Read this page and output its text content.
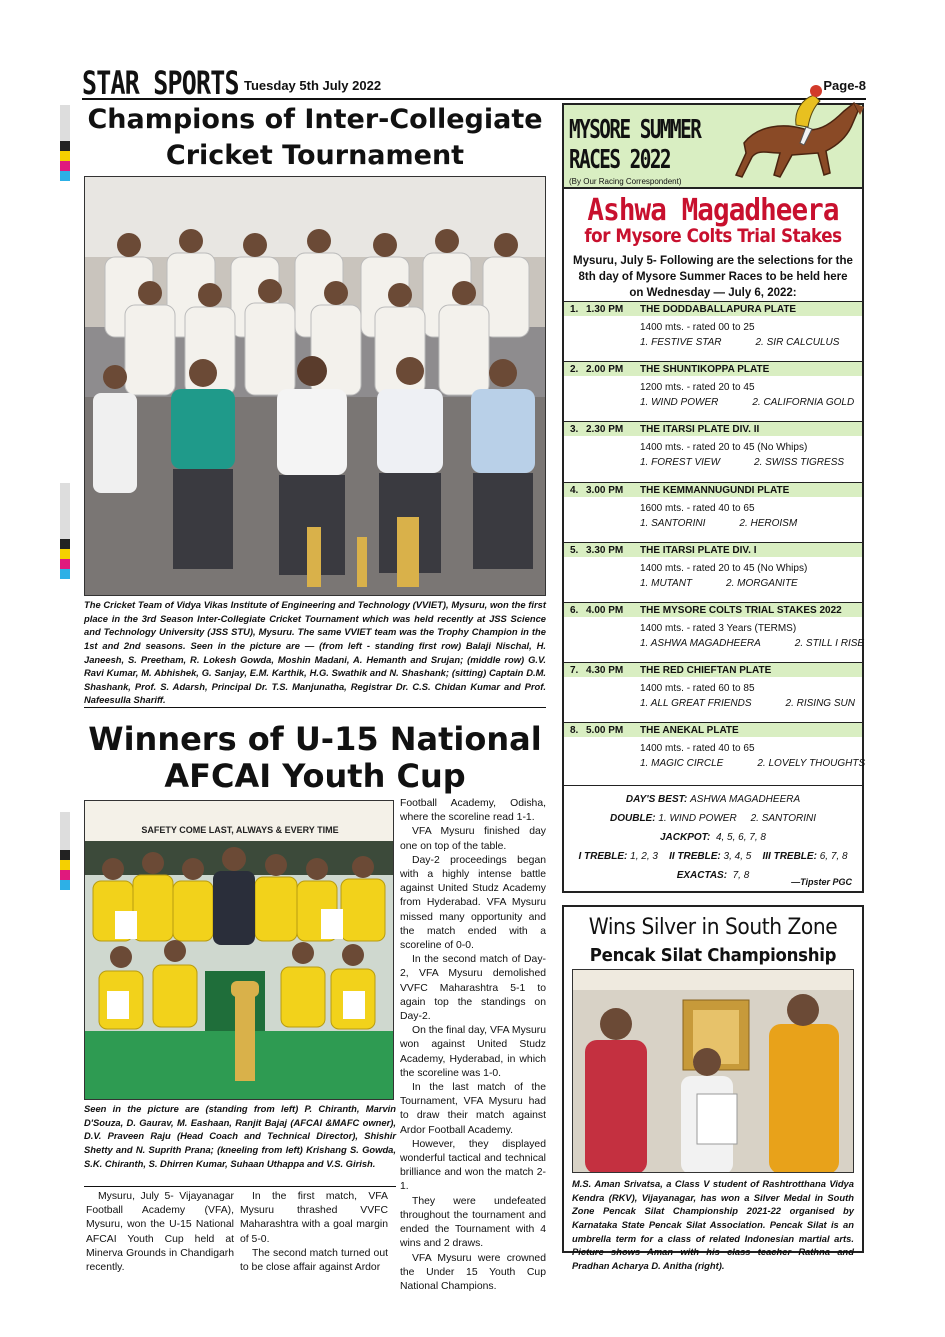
STAR SPORTS Tuesday 5th July 2022	Page-8
Champions of Inter-Collegiate
Cricket Tournament
The Cricket Team of Vidya Vikas Institute of Engineering and Technology (VVIET), Mysuru, won the first place in the 3rd Season Inter-Collegiate Cricket Tournament which was held recently at JSS Science and Technology University (JSS STU), Mysuru. The same VVIET team was the Trophy Champion in the 1st and 2nd seasons. Seen in the picture are — (from left - standing first row) Balaji Nischal, H. Janeesh, S. Preetham, R. Lokesh Gowda, Moshin Madani, A. Hemanth and Srujan; (middle row) G.V. Ravi Kumar, M. Abhishek, G. Sanjay, E.M. Karthik, H.G. Swathik and N. Shashank; (sitting) Captain D.M. Shashank, Prof. S. Adarsh, Principal Dr. T.S. Manjunatha, Registrar Dr. C.S. Chidan Kumar and Prof. Nafeesulla Shariff.
Winners of U-15 National
AFCAI Youth Cup
SAFETY COME LAST, ALWAYS & EVERY TIME
Seen in the picture are (standing from left) P. Chiranth, Marvin D'Souza, D. Gaurav, M. Eashaan, Ranjit Bajaj (AFCAI &MAFC owner), D.V. Praveen Raju (Head Coach and Technical Director), Shishir Shetty and N. Suprith Prana; (kneeling from left) Krishang S. Gowda, S.K. Chiranth, S. Dhirren Kumar, Suhaan Uthappa and V.S. Girish.

Mysuru, July 5- Vijayanagar Football Academy (VFA), Mysuru, won the U-15 National AFCAI Youth Cup held at Minerva Grounds in Chandigarh recently.

In the first match, VFA Mysuru thrashed VVFC Maharashtra with a goal margin of 5-0.

The second match turned out to be close affair against Ardor

Football Academy, Odisha, where the scoreline read 1-1.

VFA Mysuru finished day one on top of the table.

Day-2 proceedings began with a highly intense battle against United Studz Academy from Hyderabad. VFA Mysuru missed many opportunity and the match ended with a scoreline of 0-0.

In the second match of Day-2, VFA Mysuru demolished VVFC Maharashtra 5-1 to again top the standings on Day-2.

On the final day, VFA Mysuru won against United Studz Academy, Hyderabad, in which the scoreline was 1-0.

In the last match of the Tournament, VFA Mysuru had to draw their match against Ardor Football Academy.

However, they displayed wonderful tactical and technical brilliance and won the match 2-1.

They were undefeated throughout the tournament and ended the Tournament with 4 wins and 2 draws.

VFA Mysuru were crowned the Under 15 Youth Cup National Champions.

MYSORE SUMMER
RACES 2022
(By Our Racing Correspondent)
Ashwa Magadheera
for Mysore Colts Trial Stakes
Mysuru, July 5- Following are the selections for the 8th day of Mysore Summer Races to be held here on Wednesday — July 6, 2022:
1. 1.30 PM THE DODDABALLAPURA PLATE
1400 mts. - rated 00 to 25
1. FESTIVE STAR	2. SIR CALCULUS
2. 2.00 PM THE SHUNTIKOPPA PLATE
1200 mts. - rated 20 to 45
1. WIND POWER	2. CALIFORNIA GOLD
3. 2.30 PM THE ITARSI PLATE DIV. II
1400 mts. - rated 20 to 45 (No Whips)
1. FOREST VIEW	2. SWISS TIGRESS
4. 3.00 PM THE KEMMANNUGUNDI PLATE
1600 mts. - rated 40 to 65
1. SANTORINI	2. HEROISM
5. 3.30 PM THE ITARSI PLATE DIV. I
1400 mts. - rated 20 to 45 (No Whips)
1. MUTANT	2. MORGANITE
6. 4.00 PM THE MYSORE COLTS TRIAL STAKES 2022
1400 mts. - rated 3 Years (TERMS)
1. ASHWA MAGADHEERA	2. STILL I RISE
7. 4.30 PM THE RED CHIEFTAN PLATE
1400 mts. - rated 60 to 85
1. ALL GREAT FRIENDS	2. RISING SUN
8. 5.00 PM THE ANEKAL PLATE
1400 mts. - rated 40 to 65
1. MAGIC CIRCLE	2. LOVELY THOUGHTS
DAY'S BEST: ASHWA MAGADHEERA
DOUBLE: 1. WIND POWER 2. SANTORINI
JACKPOT: 4, 5, 6, 7, 8
I TREBLE: 1, 2, 3 II TREBLE: 3, 4, 5 III TREBLE: 6, 7, 8
EXACTAS: 7, 8
—Tipster PGC
Wins Silver in South Zone
Pencak Silat Championship
M.S. Aman Srivatsa, a Class V student of Rashtrotthana Vidya Kendra (RKV), Vijayanagar, has won a Silver Medal in South Zone Pencak Silat Championship 2021-22 organised by Karnataka State Pencak Silat Association. Pencak Silat is an umbrella term for a class of related Indonesian martial arts. Picture shows Aman with his class teacher Rathna and Pradhan Acharya D. Anitha (right).
